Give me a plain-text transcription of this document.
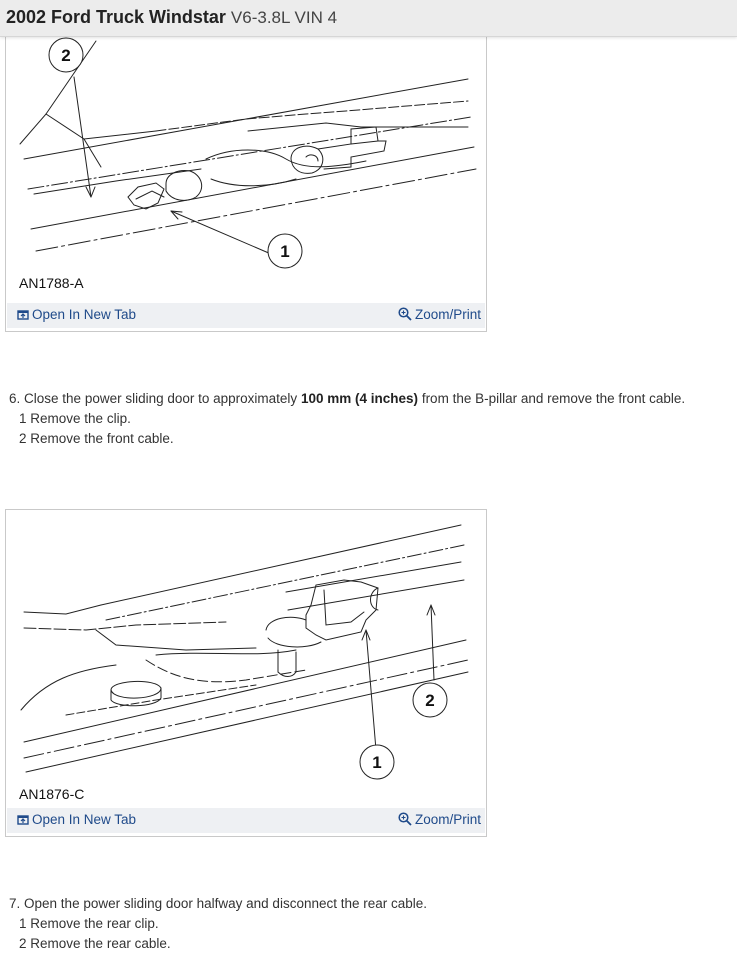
2002 Ford Truck Windstar V6-3.8L VIN 4
2
1
AN1788-A
Open In New Tab	Zoom/Print
6. Close the power sliding door to approximately 100 mm (4 inches) from the B-pillar and remove the front cable.
1 Remove the clip.
2 Remove the front cable.
1
2
AN1876-C
Open In New Tab	Zoom/Print
7. Open the power sliding door halfway and disconnect the rear cable.
1 Remove the rear clip.
2 Remove the rear cable.
